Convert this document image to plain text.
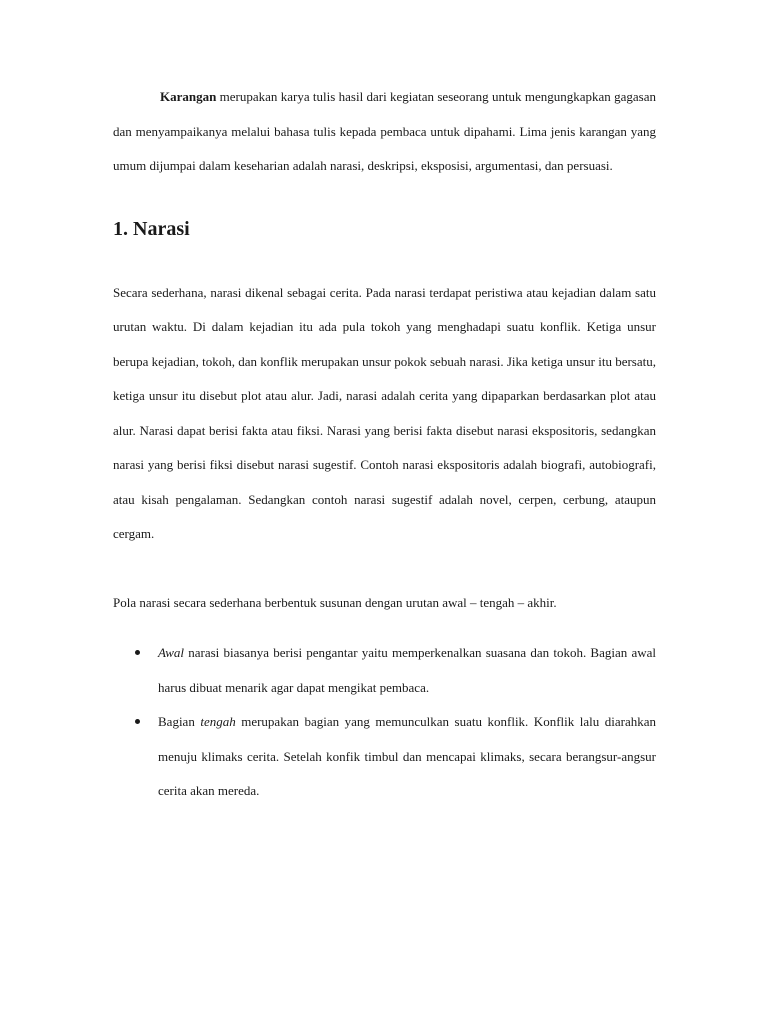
Karangan merupakan karya tulis hasil dari kegiatan seseorang untuk mengungkapkan gagasan dan menyampaikanya melalui bahasa tulis kepada pembaca untuk dipahami. Lima jenis karangan yang umum dijumpai dalam keseharian adalah narasi, deskripsi, eksposisi, argumentasi, dan persuasi.

1. Narasi

Secara sederhana, narasi dikenal sebagai cerita. Pada narasi terdapat peristiwa atau kejadian dalam satu urutan waktu. Di dalam kejadian itu ada pula tokoh yang menghadapi suatu konflik. Ketiga unsur berupa kejadian, tokoh, dan konflik merupakan unsur pokok sebuah narasi. Jika ketiga unsur itu bersatu, ketiga unsur itu disebut plot atau alur. Jadi, narasi adalah cerita yang dipaparkan berdasarkan plot atau alur. Narasi dapat berisi fakta atau fiksi. Narasi yang berisi fakta disebut narasi ekspositoris, sedangkan narasi yang berisi fiksi disebut narasi sugestif. Contoh narasi ekspositoris adalah biografi, autobiografi, atau kisah pengalaman. Sedangkan contoh narasi sugestif adalah novel, cerpen, cerbung, ataupun cergam.

Pola narasi secara sederhana berbentuk susunan dengan urutan awal – tengah – akhir.

Awal narasi biasanya berisi pengantar yaitu memperkenalkan suasana dan tokoh. Bagian awal harus dibuat menarik agar dapat mengikat pembaca.
Bagian tengah merupakan bagian yang memunculkan suatu konflik. Konflik lalu diarahkan menuju klimaks cerita. Setelah konfik timbul dan mencapai klimaks, secara berangsur-angsur cerita akan mereda.
